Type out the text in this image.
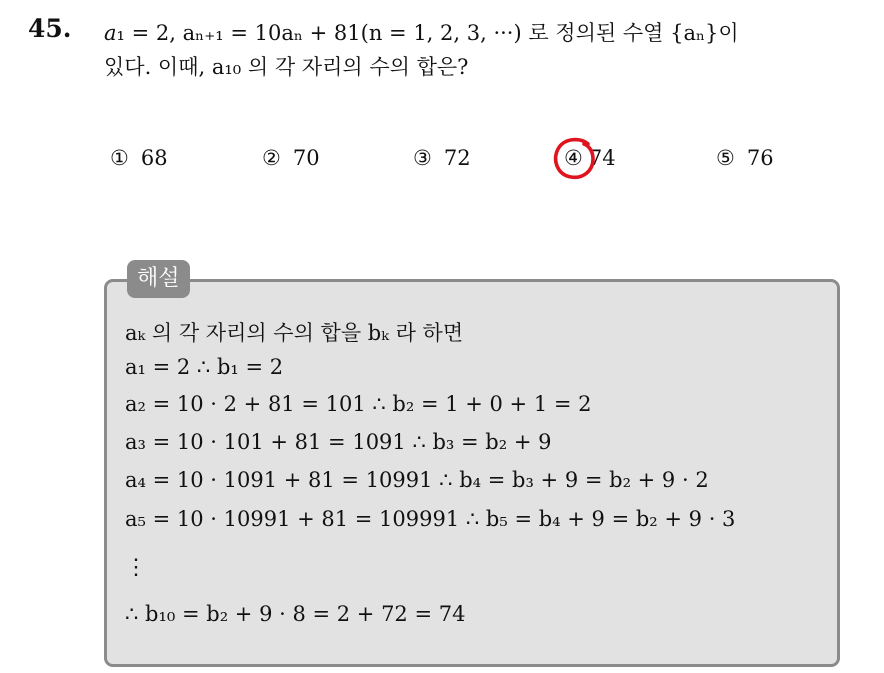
45. a₁ = 2, aₙ₊₁ = 10aₙ + 81(n = 1, 2, 3, ···) 로 정의된 수열 {aₙ}이
있다. 이때, a₁₀ 의 각 자리의 수의 합은?
① 68	② 70	③ 72	④ 74	⑤ 76
해설
aₖ 의 각 자리의 수의 합을 bₖ 라 하면
a₁ = 2 ∴ b₁ = 2
a₂ = 10 · 2 + 81 = 101 ∴ b₂ = 1 + 0 + 1 = 2
a₃ = 10 · 101 + 81 = 1091 ∴ b₃ = b₂ + 9
a₄ = 10 · 1091 + 81 = 10991 ∴ b₄ = b₃ + 9 = b₂ + 9 · 2
a₅ = 10 · 10991 + 81 = 109991 ∴ b₅ = b₄ + 9 = b₂ + 9 · 3
⋮
∴ b₁₀ = b₂ + 9 · 8 = 2 + 72 = 74
